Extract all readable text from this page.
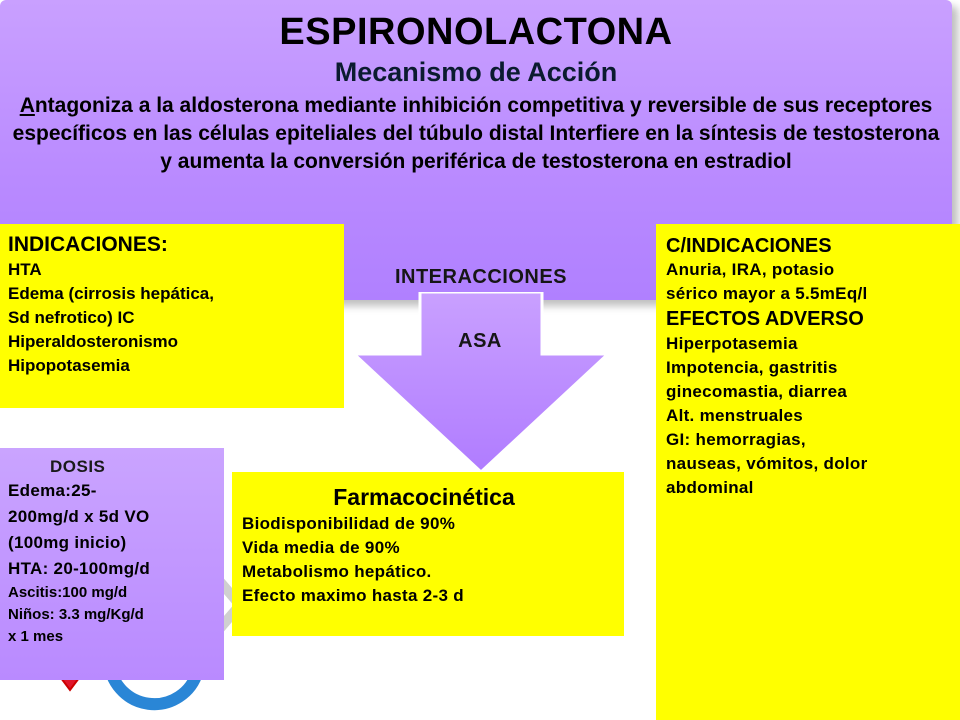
ESPIRONOLACTONA
Mecanismo de Acción
Antagoniza a la aldosterona mediante inhibición competitiva y reversible de sus receptores específicos en las células epiteliales del túbulo distal Interfiere en la síntesis de testosterona y aumenta la conversión periférica de testosterona en estradiol
INTERACCIONES
ASA
INDICACIONES:
HTA
Edema (cirrosis hepática,
Sd nefrotico) IC
Hiperaldosteronismo
Hipopotasemia
C/INDICACIONES
Anuria, IRA, potasio
sérico mayor a 5.5mEq/l
EFECTOS ADVERSO
Hiperpotasemia
Impotencia, gastritis
ginecomastia, diarrea
Alt. menstruales
GI: hemorragias,
nauseas, vómitos, dolor
abdominal
DOSIS
Edema:25-
200mg/d x 5d VO
(100mg inicio)
HTA: 20-100mg/d
Ascitis:100 mg/d
Niños: 3.3 mg/Kg/d
x 1 mes
Farmacocinética
Biodisponibilidad de 90%
Vida media de 90%
Metabolismo hepático.
Efecto maximo hasta 2-3 d
